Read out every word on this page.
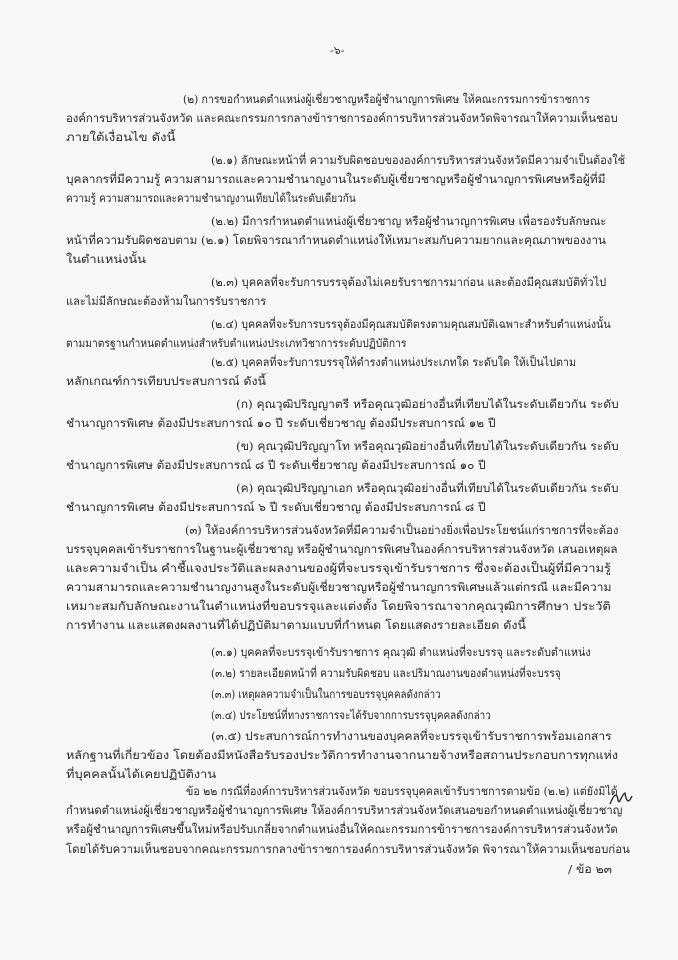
-๖-
(๒) การขอกำหนดตำแหน่งผู้เชี่ยวชาญหรือผู้ชำนาญการพิเศษ ให้คณะกรรมการข้าราชการ
องค์การบริหารส่วนจังหวัด และคณะกรรมการกลางข้าราชการองค์การบริหารส่วนจังหวัดพิจารณาให้ความเห็นชอบ
ภายใต้เงื่อนไข ดังนี้
(๒.๑) ลักษณะหน้าที่ ความรับผิดชอบขององค์การบริหารส่วนจังหวัดมีความจำเป็นต้องใช้
บุคลากรที่มีความรู้ ความสามารถและความชำนาญงานในระดับผู้เชี่ยวชาญหรือผู้ชำนาญการพิเศษหรือผู้ที่มี
ความรู้ ความสามารถและความชำนาญงานเทียบได้ในระดับเดียวกัน
(๒.๒) มีการกำหนดตำแหน่งผู้เชี่ยวชาญ หรือผู้ชำนาญการพิเศษ เพื่อรองรับลักษณะ
หน้าที่ความรับผิดชอบตาม (๒.๑) โดยพิจารณากำหนดตำแหน่งให้เหมาะสมกับความยากและคุณภาพของงาน
ในตำแหน่งนั้น
(๒.๓) บุคคลที่จะรับการบรรจุต้องไม่เคยรับราชการมาก่อน และต้องมีคุณสมบัติทั่วไป
และไม่มีลักษณะต้องห้ามในการรับราชการ
(๒.๔) บุคคลที่จะรับการบรรจุต้องมีคุณสมบัติตรงตามคุณสมบัติเฉพาะสำหรับตำแหน่งนั้น
ตามมาตรฐานกำหนดตำแหน่งสำหรับตำแหน่งประเภทวิชาการระดับปฏิบัติการ
(๒.๕) บุคคลที่จะรับการบรรจุให้ดำรงตำแหน่งประเภทใด ระดับใด ให้เป็นไปตาม
หลักเกณฑ์การเทียบประสบการณ์ ดังนี้
(ก) คุณวุฒิปริญญาตรี หรือคุณวุฒิอย่างอื่นที่เทียบได้ในระดับเดียวกัน ระดับ
ชำนาญการพิเศษ ต้องมีประสบการณ์ ๑๐ ปี ระดับเชี่ยวชาญ ต้องมีประสบการณ์ ๑๒ ปี
(ข) คุณวุฒิปริญญาโท หรือคุณวุฒิอย่างอื่นที่เทียบได้ในระดับเดียวกัน ระดับ
ชำนาญการพิเศษ ต้องมีประสบการณ์ ๘ ปี ระดับเชี่ยวชาญ ต้องมีประสบการณ์ ๑๐ ปี
(ค) คุณวุฒิปริญญาเอก หรือคุณวุฒิอย่างอื่นที่เทียบได้ในระดับเดียวกัน ระดับ
ชำนาญการพิเศษ ต้องมีประสบการณ์ ๖ ปี ระดับเชี่ยวชาญ ต้องมีประสบการณ์ ๘ ปี
(๓) ให้องค์การบริหารส่วนจังหวัดที่มีความจำเป็นอย่างยิ่งเพื่อประโยชน์แก่ราชการที่จะต้อง
บรรจุบุคคลเข้ารับราชการในฐานะผู้เชี่ยวชาญ หรือผู้ชำนาญการพิเศษในองค์การบริหารส่วนจังหวัด เสนอเหตุผล
และความจำเป็น คำชี้แจงประวัติและผลงานของผู้ที่จะบรรจุเข้ารับราชการ ซึ่งจะต้องเป็นผู้ที่มีความรู้
ความสามารถและความชำนาญงานสูงในระดับผู้เชี่ยวชาญหรือผู้ชำนาญการพิเศษแล้วแต่กรณี และมีความ
เหมาะสมกับลักษณะงานในตำแหน่งที่ขอบรรจุและแต่งตั้ง โดยพิจารณาจากคุณวุฒิการศึกษา ประวัติ
การทำงาน และแสดงผลงานที่ได้ปฏิบัติมาตามแบบที่กำหนด โดยแสดงรายละเอียด ดังนี้
(๓.๑) บุคคลที่จะบรรจุเข้ารับราชการ คุณวุฒิ ตำแหน่งที่จะบรรจุ และระดับตำแหน่ง
(๓.๒) รายละเอียดหน้าที่ ความรับผิดชอบ และปริมาณงานของตำแหน่งที่จะบรรจุ
(๓.๓) เหตุผลความจำเป็นในการขอบรรจุบุคคลดังกล่าว
(๓.๔) ประโยชน์ที่ทางราชการจะได้รับจากการบรรจุบุคคลดังกล่าว
(๓.๕) ประสบการณ์การทำงานของบุคคลที่จะบรรจุเข้ารับราชการพร้อมเอกสาร
หลักฐานที่เกี่ยวข้อง โดยต้องมีหนังสือรับรองประวัติการทำงานจากนายจ้างหรือสถานประกอบการทุกแห่ง
ที่บุคคลนั้นได้เคยปฏิบัติงาน
ข้อ ๒๒ กรณีที่องค์การบริหารส่วนจังหวัด ขอบรรจุบุคคลเข้ารับราชการตามข้อ (๒.๒) แต่ยังมิได้
กำหนดตำแหน่งผู้เชี่ยวชาญหรือผู้ชำนาญการพิเศษ ให้องค์การบริหารส่วนจังหวัดเสนอขอกำหนดตำแหน่งผู้เชี่ยวชาญ
หรือผู้ชำนาญการพิเศษขึ้นใหม่หรือปรับเกลี่ยจากตำแหน่งอื่นให้คณะกรรมการข้าราชการองค์การบริหารส่วนจังหวัด
โดยได้รับความเห็นชอบจากคณะกรรมการกลางข้าราชการองค์การบริหารส่วนจังหวัด พิจารณาให้ความเห็นชอบก่อน
/ ข้อ ๒๓
